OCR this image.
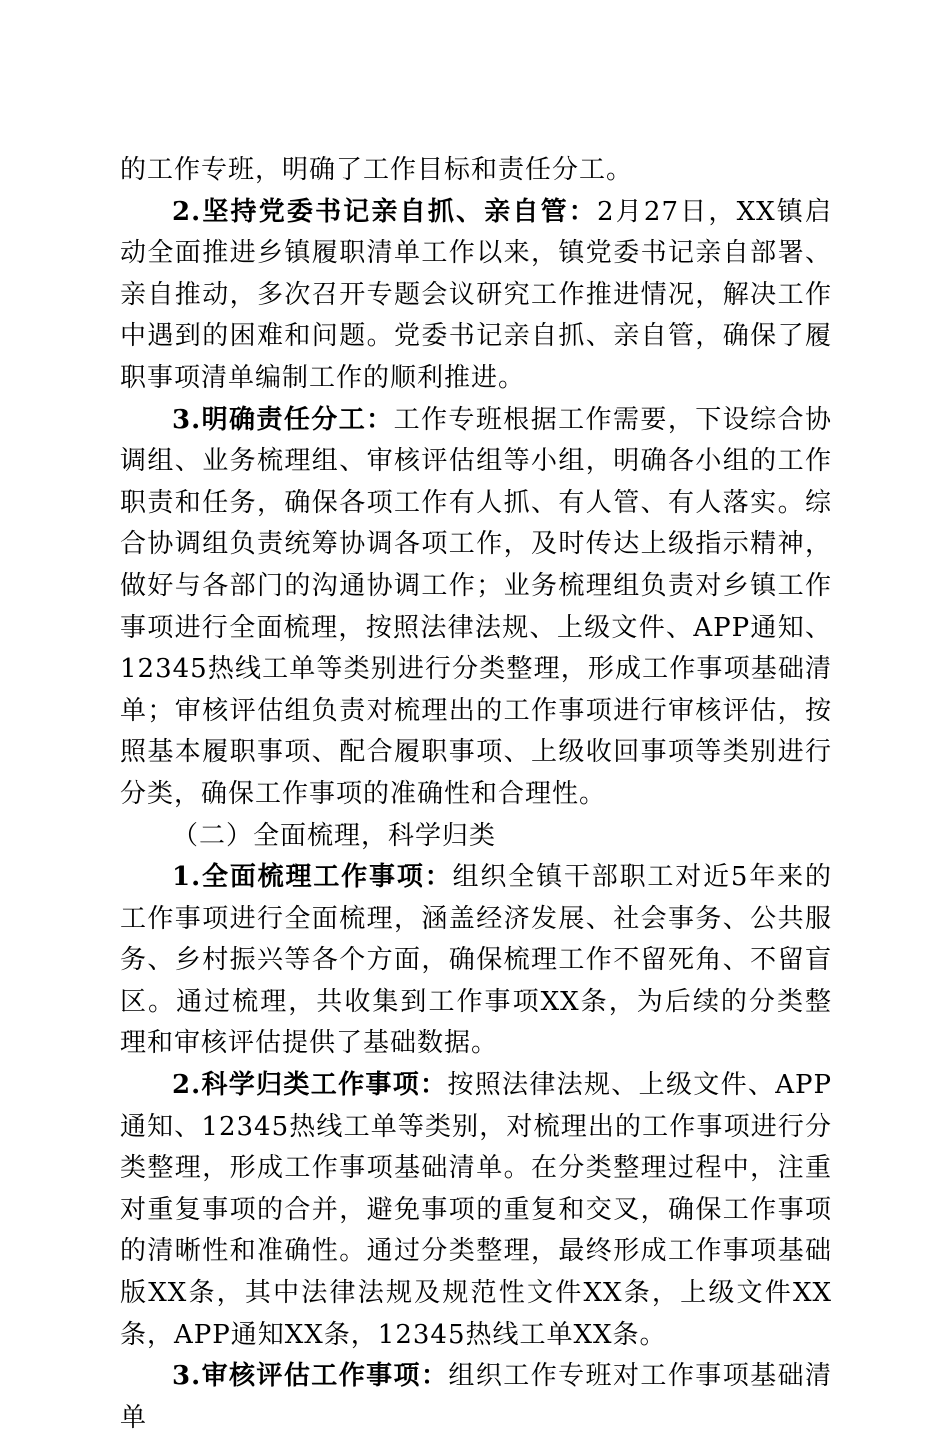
的工作专班，明确了工作目标和责任分工。

2.坚持党委书记亲自抓、亲自管：2月27日，XX镇启动全面推进乡镇履职清单工作以来，镇党委书记亲自部署、亲自推动，多次召开专题会议研究工作推进情况，解决工作中遇到的困难和问题。党委书记亲自抓、亲自管，确保了履职事项清单编制工作的顺利推进。

3.明确责任分工：工作专班根据工作需要，下设综合协调组、业务梳理组、审核评估组等小组，明确各小组的工作职责和任务，确保各项工作有人抓、有人管、有人落实。综合协调组负责统筹协调各项工作，及时传达上级指示精神，做好与各部门的沟通协调工作；业务梳理组负责对乡镇工作事项进行全面梳理，按照法律法规、上级文件、APP通知、12345热线工单等类别进行分类整理，形成工作事项基础清单；审核评估组负责对梳理出的工作事项进行审核评估，按照基本履职事项、配合履职事项、上级收回事项等类别进行分类，确保工作事项的准确性和合理性。

（二）全面梳理，科学归类

1.全面梳理工作事项：组织全镇干部职工对近5年来的工作事项进行全面梳理，涵盖经济发展、社会事务、公共服务、乡村振兴等各个方面，确保梳理工作不留死角、不留盲区。通过梳理，共收集到工作事项XX条，为后续的分类整理和审核评估提供了基础数据。

2.科学归类工作事项：按照法律法规、上级文件、APP通知、12345热线工单等类别，对梳理出的工作事项进行分类整理，形成工作事项基础清单。在分类整理过程中，注重对重复事项的合并，避免事项的重复和交叉，确保工作事项的清晰性和准确性。通过分类整理，最终形成工作事项基础版XX条，其中法律法规及规范性文件XX条，上级文件XX条，APP通知XX条，12345热线工单XX条。

3.审核评估工作事项：组织工作专班对工作事项基础清单
